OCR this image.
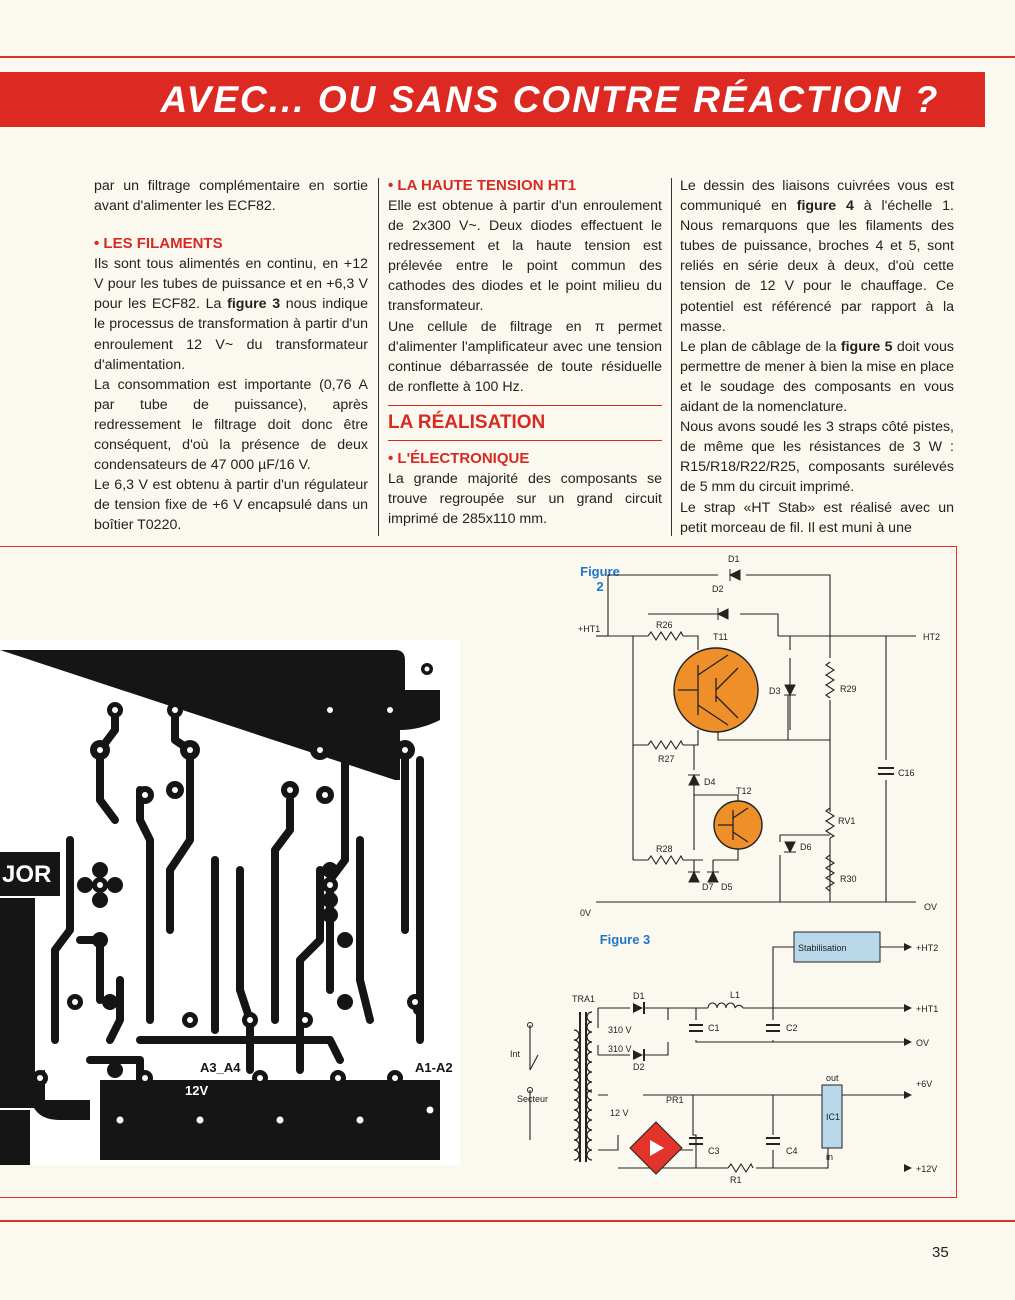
AVEC... OU SANS CONTRE RÉACTION ?

par un filtrage complémentaire en sortie avant d'alimenter les ECF82.

• LES FILAMENTS

Ils sont tous alimentés en continu, en +12 V pour les tubes de puissance et en +6,3 V pour les ECF82. La figure 3 nous indique le processus de transformation à partir d'un enroulement 12 V~ du transformateur d'alimentation.

La consommation est importante (0,76 A par tube de puissance), après redressement le filtrage doit donc être conséquent, d'où la présence de deux condensateurs de 47 000 µF/16 V.

Le 6,3 V est obtenu à partir d'un régulateur de tension fixe de +6 V encapsulé dans un boîtier T0220.

• LA HAUTE TENSION HT1

Elle est obtenue à partir d'un enroulement de 2x300 V~. Deux diodes effectuent le redressement et la haute tension est prélevée entre le point commun des cathodes des diodes et le point milieu du transformateur.

Une cellule de filtrage en π permet d'alimenter l'amplificateur avec une tension continue débarrassée de toute résiduelle de ronflette à 100 Hz.

LA RÉALISATION

• L'ÉLECTRONIQUE

La grande majorité des composants se trouve regroupée sur un grand circuit imprimé de 285x110 mm.

Le dessin des liaisons cuivrées vous est communiqué en figure 4 à l'échelle 1. Nous remarquons que les filaments des tubes de puissance, broches 4 et 5, sont reliés en série deux à deux, d'où cette tension de 12 V pour le chauffage. Ce potentiel est référencé par rapport à la masse.

Le plan de câblage de la figure 5 doit vous permettre de mener à bien la mise en place et le soudage des composants en vous aidant de la nomenclature.

Nous avons soudé les 3 straps côté pistes, de même que les résistances de 3 W : R15/R18/R22/R25, composants surélevés de 5 mm du circuit imprimé.

Le strap «HT Stab» est réalisé avec un petit morceau de fil. Il est muni à une

JOR
A3_A4
12V
A1-A2
Figure
2
Figure 3
+HT1
HT2
0V
OV
D1
D2
R26
T11
D3	R29
R27
D4
T12
C16
RV1
R28	D6
D7 D5
R30
Stabilisation	+HT2
TRA1	D1	L1
+HT1
310 V
310 V
C1	C2
Int
OV
D2
PR1
Secteur
12 V
out
IC1
in
+6V
C3	C4
R1
+12V
35
